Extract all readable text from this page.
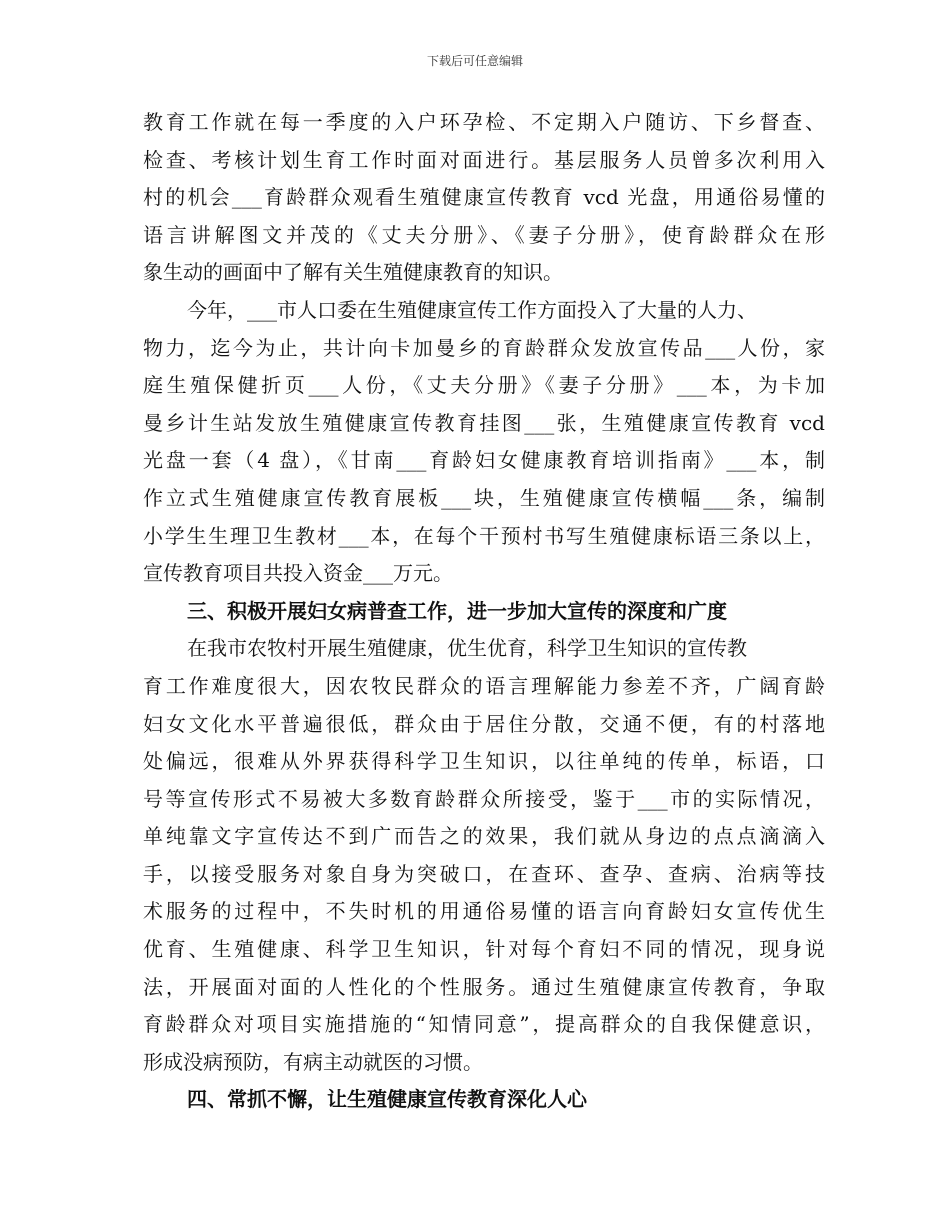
下载后可任意编辑
教育工作就在每一季度的入户环孕检、不定期入户随访、下乡督查、
检查、考核计划生育工作时面对面进行。基层服务人员曾多次利用入
村的机会___育龄群众观看生殖健康宣传教育 vcd 光盘，用通俗易懂的
语言讲解图文并茂的《丈夫分册》、《妻子分册》，使育龄群众在形
象生动的画面中了解有关生殖健康教育的知识。
今年，___市人口委在生殖健康宣传工作方面投入了大量的人力、
物力，迄今为止，共计向卡加曼乡的育龄群众发放宣传品___人份，家
庭生殖保健折页___人份，《丈夫分册》《妻子分册》___本，为卡加
曼乡计生站发放生殖健康宣传教育挂图___张，生殖健康宣传教育 vcd
光盘一套（4 盘），《甘南___育龄妇女健康教育培训指南》___本，制
作立式生殖健康宣传教育展板___块，生殖健康宣传横幅___条，编制
小学生生理卫生教材___本，在每个干预村书写生殖健康标语三条以上，
宣传教育项目共投入资金___万元。
三、积极开展妇女病普查工作，进一步加大宣传的深度和广度
在我市农牧村开展生殖健康，优生优育，科学卫生知识的宣传教
育工作难度很大，因农牧民群众的语言理解能力参差不齐，广阔育龄
妇女文化水平普遍很低，群众由于居住分散，交通不便，有的村落地
处偏远，很难从外界获得科学卫生知识，以往单纯的传单，标语，口
号等宣传形式不易被大多数育龄群众所接受，鉴于___市的实际情况，
单纯靠文字宣传达不到广而告之的效果，我们就从身边的点点滴滴入
手，以接受服务对象自身为突破口，在查环、查孕、查病、治病等技
术服务的过程中，不失时机的用通俗易懂的语言向育龄妇女宣传优生
优育、生殖健康、科学卫生知识，针对每个育妇不同的情况，现身说
法，开展面对面的人性化的个性服务。通过生殖健康宣传教育，争取
育龄群众对项目实施措施的“知情同意”，提高群众的自我保健意识，
形成没病预防，有病主动就医的习惯。
四、常抓不懈，让生殖健康宣传教育深化人心
